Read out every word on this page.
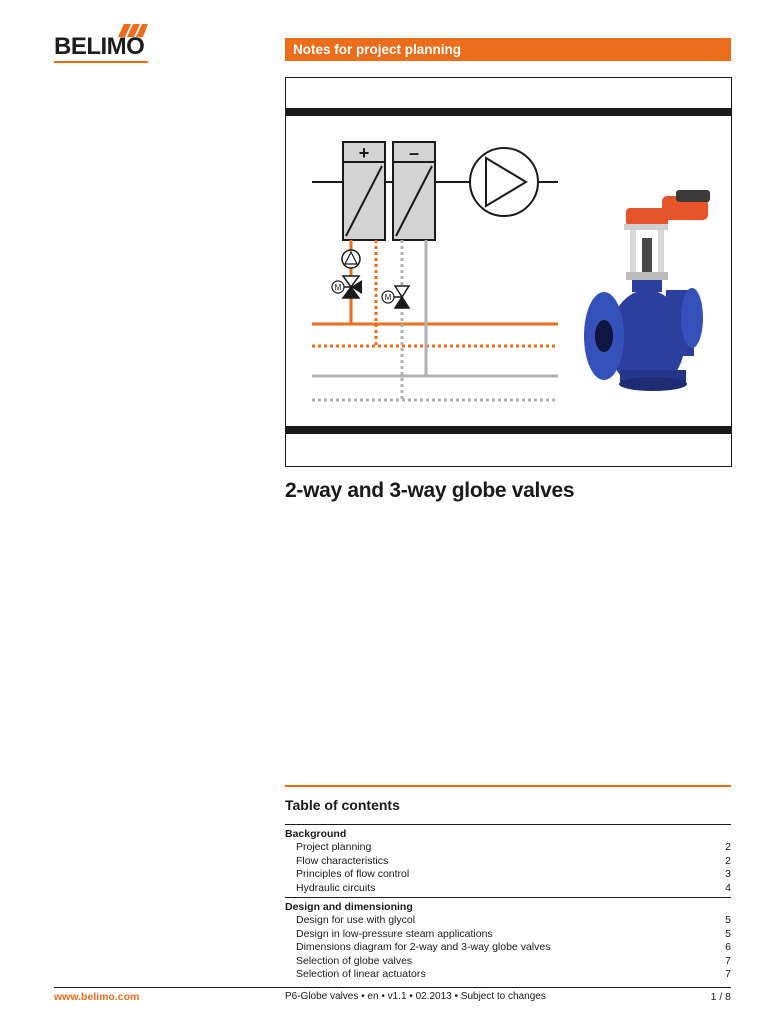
BELIMO	Notes for project planning
+ –
M
M
2-way and 3-way globe valves
Table of contents
Background
Project planning	2
Flow characteristics	2
Principles of flow control	3
Hydraulic circuits	4
Design and dimensioning
Design for use with glycol	5
Design in low-pressure steam applications	5
Dimensions diagram for 2-way and 3-way globe valves	6
Selection of globe valves	7
Selection of linear actuators	7
www.belimo.com	P6-Globe valves • en • v1.1 • 02.2013 • Subject to changes	1 / 8
